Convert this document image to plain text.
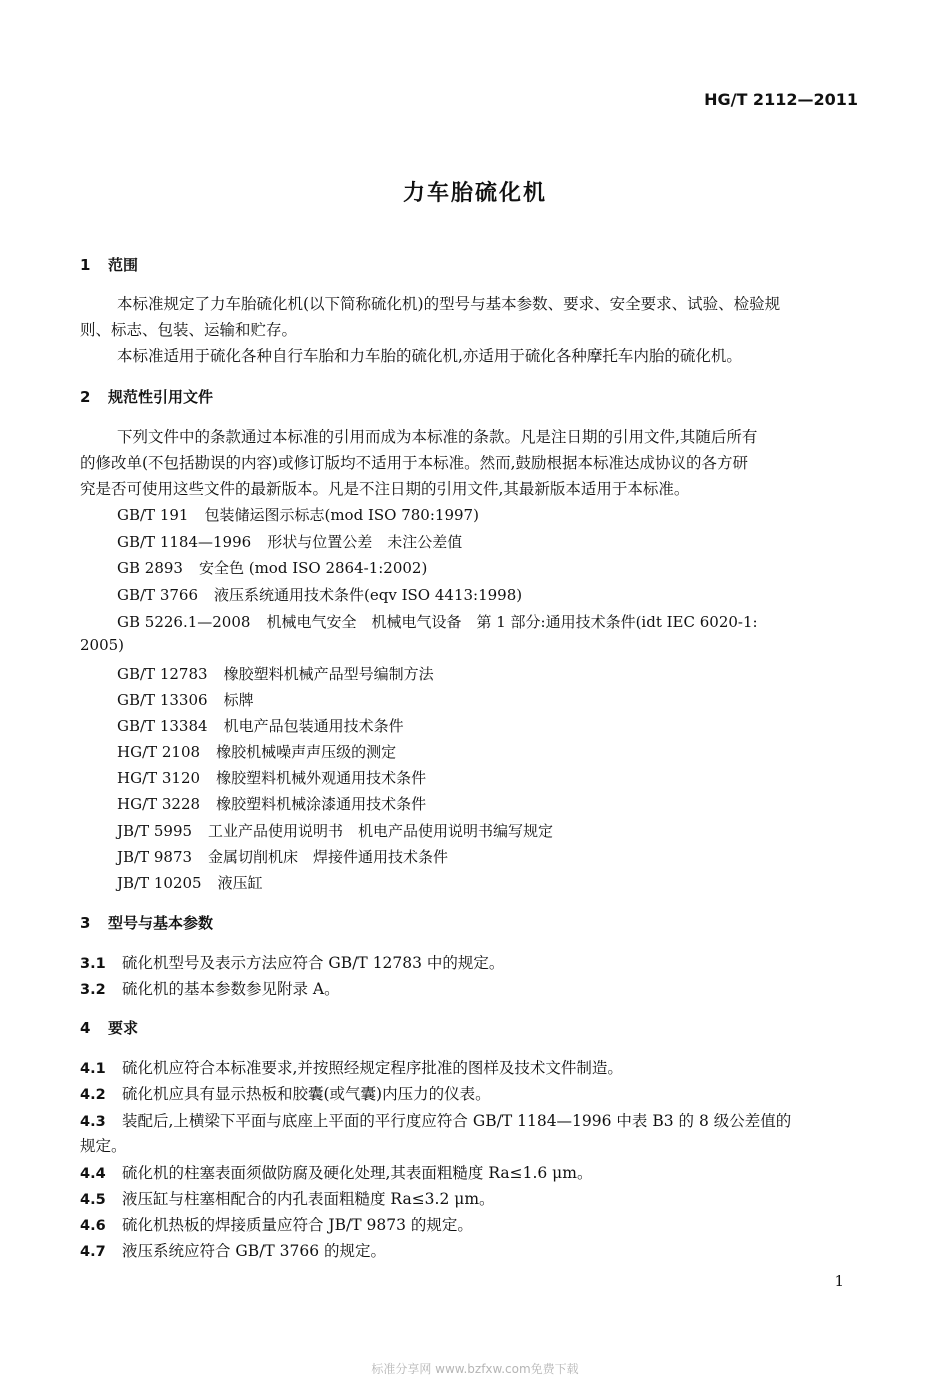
HG/T 2112—2011
力车胎硫化机
1 范围
本标准规定了力车胎硫化机(以下简称硫化机)的型号与基本参数、要求、安全要求、试验、检验规
则、标志、包装、运输和贮存。
本标准适用于硫化各种自行车胎和力车胎的硫化机,亦适用于硫化各种摩托车内胎的硫化机。
2 规范性引用文件
下列文件中的条款通过本标准的引用而成为本标准的条款。凡是注日期的引用文件,其随后所有
的修改单(不包括勘误的内容)或修订版均不适用于本标准。然而,鼓励根据本标准达成协议的各方研
究是否可使用这些文件的最新版本。凡是不注日期的引用文件,其最新版本适用于本标准。
GB/T 191 包装储运图示标志(mod ISO 780:1997)
GB/T 1184—1996 形状与位置公差　未注公差值
GB 2893 安全色 (mod ISO 2864-1:2002)
GB/T 3766 液压系统通用技术条件(eqv ISO 4413:1998)
GB 5226.1—2008 机械电气安全　机械电气设备　第 1 部分:通用技术条件(idt IEC 6020-1:
2005)
GB/T 12783 橡胶塑料机械产品型号编制方法
GB/T 13306 标牌
GB/T 13384 机电产品包装通用技术条件
HG/T 2108 橡胶机械噪声声压级的测定
HG/T 3120 橡胶塑料机械外观通用技术条件
HG/T 3228 橡胶塑料机械涂漆通用技术条件
JB/T 5995 工业产品使用说明书　机电产品使用说明书编写规定
JB/T 9873 金属切削机床　焊接件通用技术条件
JB/T 10205 液压缸
3 型号与基本参数
3.1 硫化机型号及表示方法应符合 GB/T 12783 中的规定。
3.2 硫化机的基本参数参见附录 A。
4 要求
4.1 硫化机应符合本标准要求,并按照经规定程序批准的图样及技术文件制造。
4.2 硫化机应具有显示热板和胶囊(或气囊)内压力的仪表。
4.3 装配后,上横梁下平面与底座上平面的平行度应符合 GB/T 1184—1996 中表 B3 的 8 级公差值的
规定。
4.4 硫化机的柱塞表面须做防腐及硬化处理,其表面粗糙度 Ra≤1.6 μm。
4.5 液压缸与柱塞相配合的内孔表面粗糙度 Ra≤3.2 μm。
4.6 硫化机热板的焊接质量应符合 JB/T 9873 的规定。
4.7 液压系统应符合 GB/T 3766 的规定。
1
标准分享网 www.bzfxw.com免费下载
